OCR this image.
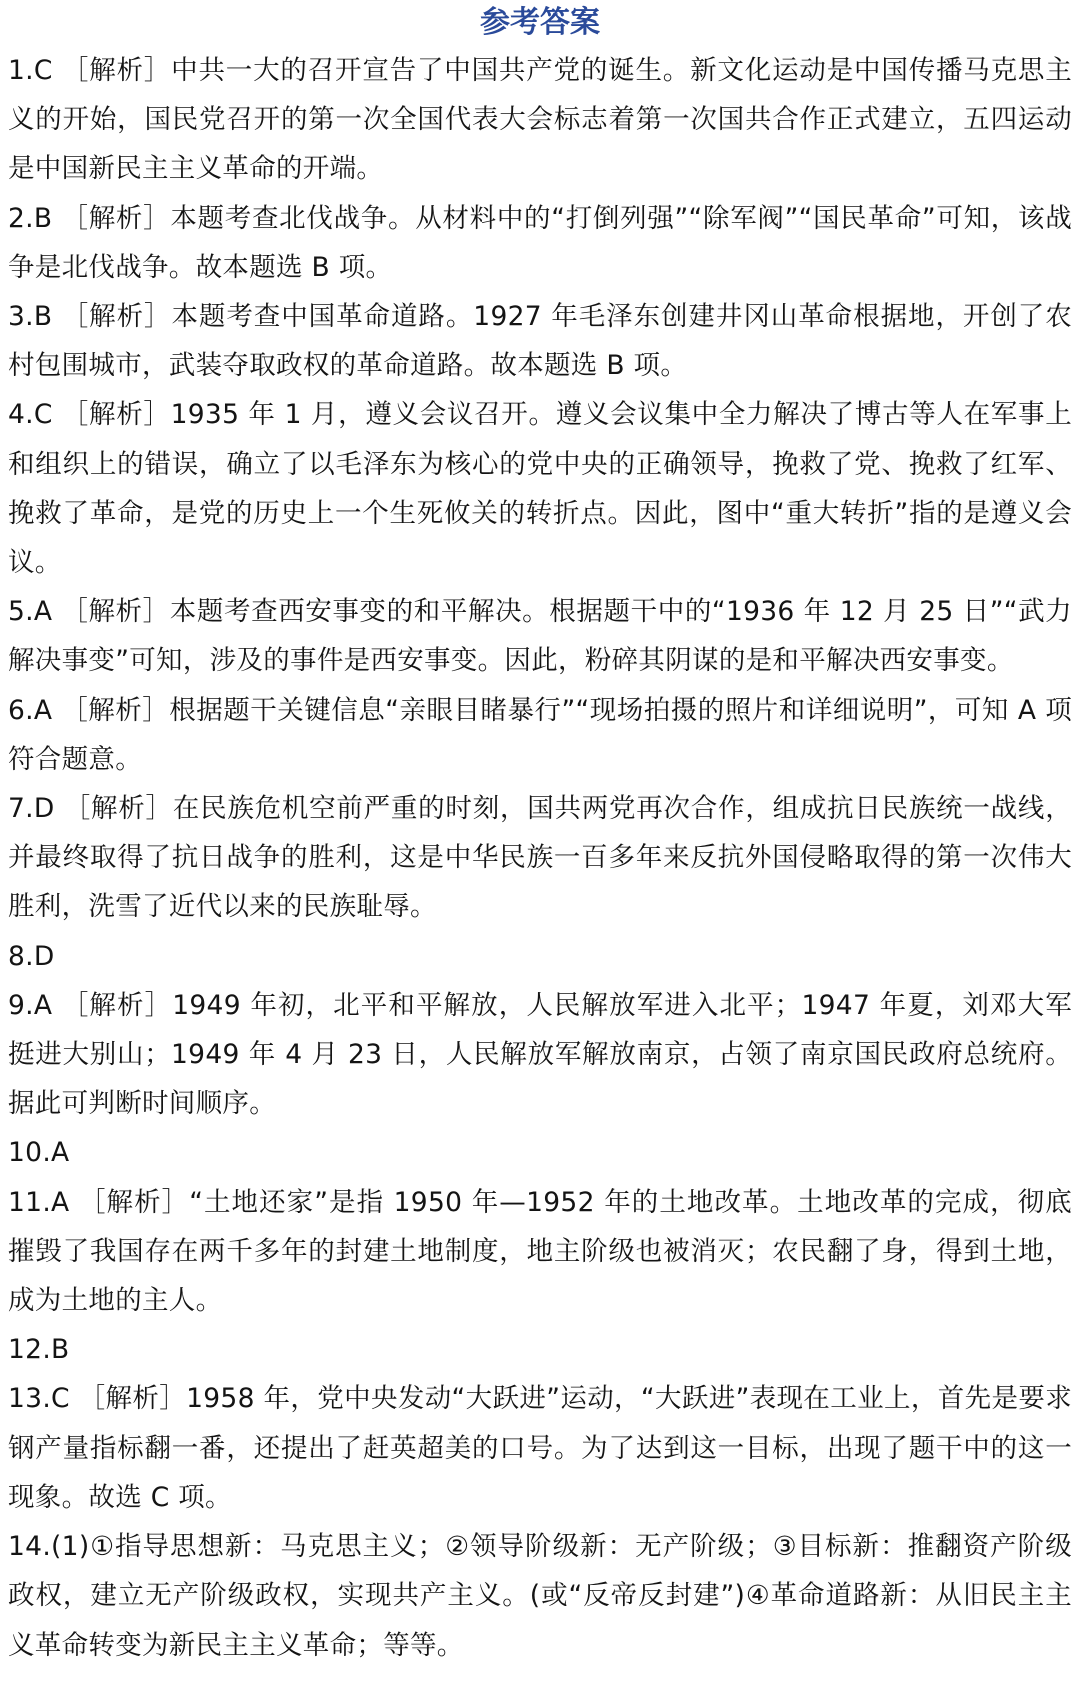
参考答案

1.C ［解析］中共一大的召开宣告了中国共产党的诞生。新文化运动是中国传播马克思主义的开始，国民党召开的第一次全国代表大会标志着第一次国共合作正式建立，五四运动是中国新民主主义革命的开端。

2.B ［解析］本题考查北伐战争。从材料中的“打倒列强”“除军阀”“国民革命”可知，该战争是北伐战争。故本题选 B 项。

3.B ［解析］本题考查中国革命道路。1927 年毛泽东创建井冈山革命根据地，开创了农村包围城市，武装夺取政权的革命道路。故本题选 B 项。

4.C ［解析］1935 年 1 月，遵义会议召开。遵义会议集中全力解决了博古等人在军事上和组织上的错误，确立了以毛泽东为核心的党中央的正确领导，挽救了党、挽救了红军、挽救了革命，是党的历史上一个生死攸关的转折点。因此，图中“重大转折”指的是遵义会议。

5.A ［解析］本题考查西安事变的和平解决。根据题干中的“1936 年 12 月 25 日”“武力解决事变”可知，涉及的事件是西安事变。因此，粉碎其阴谋的是和平解决西安事变。

6.A ［解析］根据题干关键信息“亲眼目睹暴行”“现场拍摄的照片和详细说明”，可知 A 项符合题意。

7.D ［解析］在民族危机空前严重的时刻，国共两党再次合作，组成抗日民族统一战线，并最终取得了抗日战争的胜利，这是中华民族一百多年来反抗外国侵略取得的第一次伟大胜利，洗雪了近代以来的民族耻辱。

8.D

9.A ［解析］1949 年初，北平和平解放，人民解放军进入北平；1947 年夏，刘邓大军挺进大别山；1949 年 4 月 23 日，人民解放军解放南京，占领了南京国民政府总统府。据此可判断时间顺序。

10.A

11.A ［解析］“土地还家”是指 1950 年—1952 年的土地改革。土地改革的完成，彻底摧毁了我国存在两千多年的封建土地制度，地主阶级也被消灭；农民翻了身，得到土地，成为土地的主人。

12.B

13.C ［解析］1958 年，党中央发动“大跃进”运动，“大跃进”表现在工业上，首先是要求钢产量指标翻一番，还提出了赶英超美的口号。为了达到这一目标，出现了题干中的这一现象。故选 C 项。

14.(1)①指导思想新：马克思主义；②领导阶级新：无产阶级；③目标新：推翻资产阶级政权，建立无产阶级政权，实现共产主义。(或“反帝反封建”)④革命道路新：从旧民主主义革命转变为新民主主义革命；等等。
